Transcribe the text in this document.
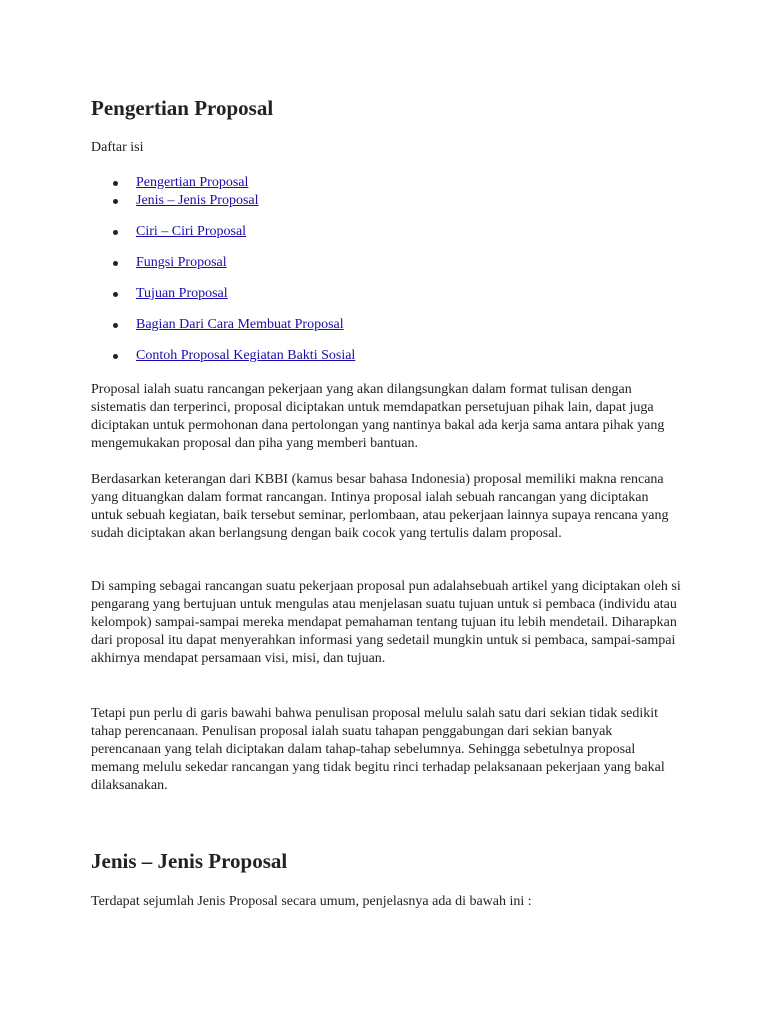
Pengertian Proposal
Daftar isi
Pengertian Proposal
Jenis – Jenis Proposal
Ciri – Ciri Proposal
Fungsi Proposal
Tujuan Proposal
Bagian Dari Cara Membuat Proposal
Contoh Proposal Kegiatan Bakti Sosial

Proposal ialah suatu rancangan pekerjaan yang akan dilangsungkan dalam format tulisan dengan sistematis dan terperinci, proposal diciptakan untuk memdapatkan persetujuan pihak lain, dapat juga diciptakan untuk permohonan dana pertolongan yang nantinya bakal ada kerja sama antara pihak yang mengemukakan proposal dan piha yang memberi bantuan.

Berdasarkan keterangan dari KBBI (kamus besar bahasa Indonesia) proposal memiliki makna rencana yang dituangkan dalam format rancangan. Intinya proposal ialah sebuah rancangan yang diciptakan untuk sebuah kegiatan, baik tersebut seminar, perlombaan, atau pekerjaan lainnya supaya rencana yang sudah diciptakan akan berlangsung dengan baik cocok yang tertulis dalam proposal.

Di samping sebagai rancangan suatu pekerjaan proposal pun adalahsebuah artikel yang diciptakan oleh si pengarang yang bertujuan untuk mengulas atau menjelasan suatu tujuan untuk si pembaca (individu atau kelompok) sampai-sampai mereka mendapat pemahaman tentang tujuan itu lebih mendetail. Diharapkan dari proposal itu dapat menyerahkan informasi yang sedetail mungkin untuk si pembaca, sampai-sampai akhirnya mendapat persamaan visi, misi, dan tujuan.

Tetapi pun perlu di garis bawahi bahwa penulisan proposal melulu salah satu dari sekian tidak sedikit tahap perencanaan. Penulisan proposal ialah suatu tahapan penggabungan dari sekian banyak perencanaan yang telah diciptakan dalam tahap-tahap sebelumnya. Sehingga sebetulnya proposal memang melulu sekedar rancangan yang tidak begitu rinci terhadap pelaksanaan pekerjaan yang bakal dilaksanakan.

Jenis – Jenis Proposal

Terdapat sejumlah Jenis Proposal secara umum, penjelasnya ada di bawah ini :
